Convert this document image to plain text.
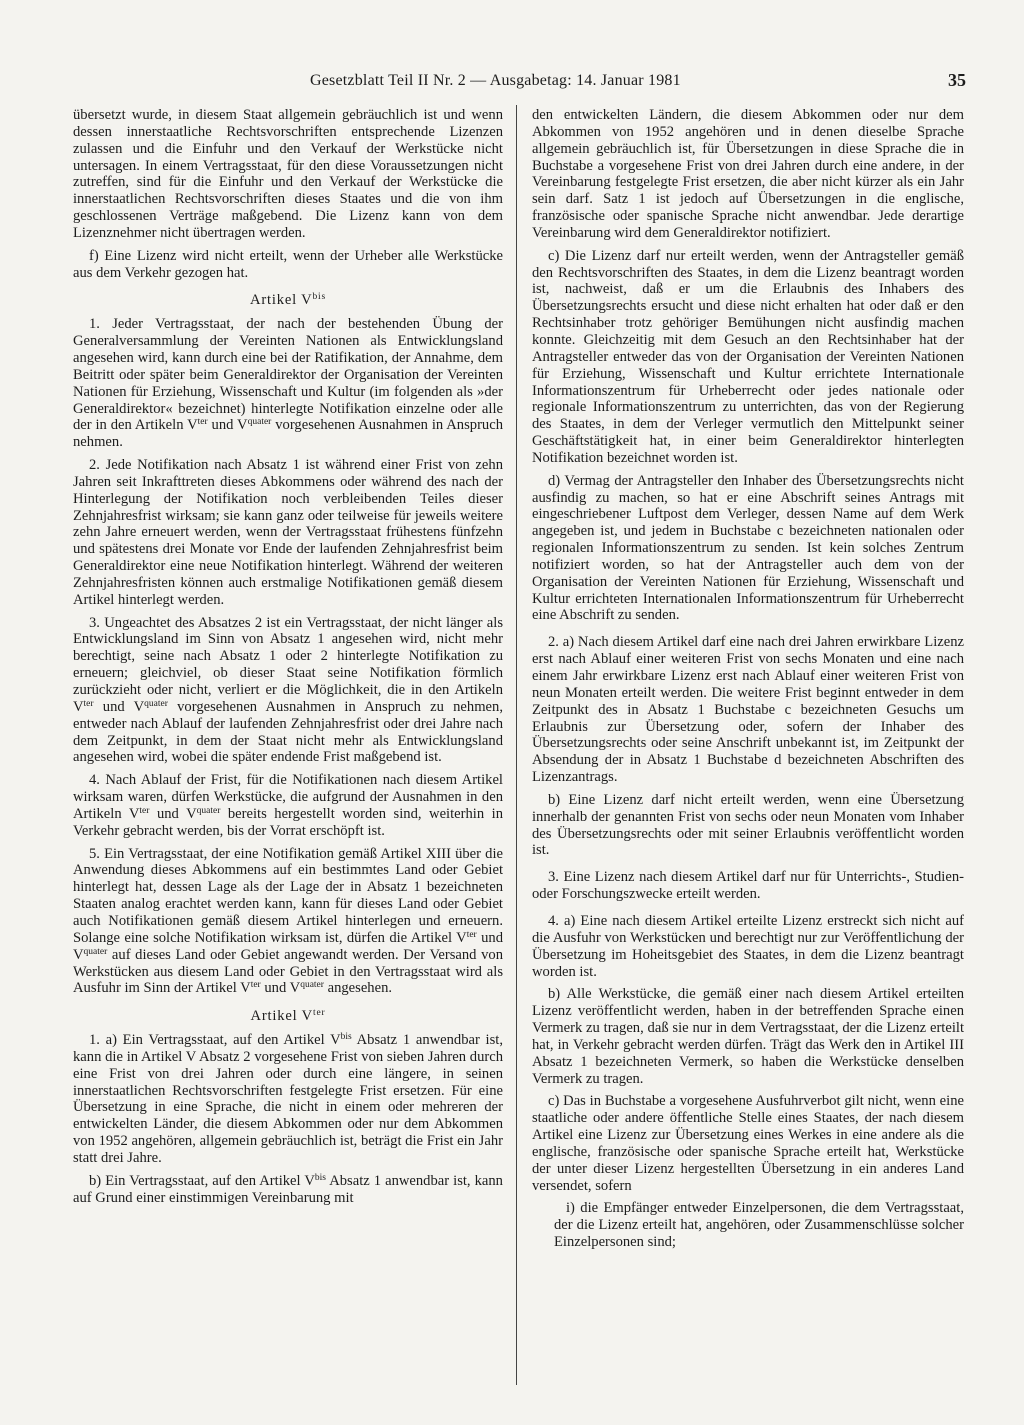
Gesetzblatt Teil II Nr. 2 — Ausgabetag: 14. Januar 1981	35

übersetzt wurde, in diesem Staat allgemein gebräuchlich ist und wenn dessen innerstaatliche Rechtsvorschriften entsprechende Lizenzen zulassen und die Einfuhr und den Verkauf der Werkstücke nicht untersagen. In einem Vertragsstaat, für den diese Voraussetzungen nicht zutreffen, sind für die Einfuhr und den Verkauf der Werkstücke die innerstaatlichen Rechtsvorschriften dieses Staates und die von ihm geschlossenen Verträge maßgebend. Die Lizenz kann von dem Lizenznehmer nicht übertragen werden.

f) Eine Lizenz wird nicht erteilt, wenn der Urheber alle Werkstücke aus dem Verkehr gezogen hat.

Artikel $V^{bis}$

1. Jeder Vertragsstaat, der nach der bestehenden Übung der Generalversammlung der Vereinten Nationen als Entwicklungsland angesehen wird, kann durch eine bei der Ratifikation, der Annahme, dem Beitritt oder später beim Generaldirektor der Organisation der Vereinten Nationen für Erziehung, Wissenschaft und Kultur (im folgenden als »der Generaldirektor« bezeichnet) hinterlegte Notifikation einzelne oder alle der in den Artikeln $V^{ter}$ und $V^{quater}$ vorgesehenen Ausnahmen in Anspruch nehmen.

2. Jede Notifikation nach Absatz 1 ist während einer Frist von zehn Jahren seit Inkrafttreten dieses Abkommens oder während des nach der Hinterlegung der Notifikation noch verbleibenden Teiles dieser Zehnjahresfrist wirksam; sie kann ganz oder teilweise für jeweils weitere zehn Jahre erneuert werden, wenn der Vertragsstaat frühestens fünfzehn und spätestens drei Monate vor Ende der laufenden Zehnjahresfrist beim Generaldirektor eine neue Notifikation hinterlegt. Während der weiteren Zehnjahresfristen können auch erstmalige Notifikationen gemäß diesem Artikel hinterlegt werden.

3. Ungeachtet des Absatzes 2 ist ein Vertragsstaat, der nicht länger als Entwicklungsland im Sinn von Absatz 1 angesehen wird, nicht mehr berechtigt, seine nach Absatz 1 oder 2 hinterlegte Notifikation zu erneuern; gleichviel, ob dieser Staat seine Notifikation förmlich zurückzieht oder nicht, verliert er die Möglichkeit, die in den Artikeln $V^{ter}$ und $V^{quater}$ vorgesehenen Ausnahmen in Anspruch zu nehmen, entweder nach Ablauf der laufenden Zehnjahresfrist oder drei Jahre nach dem Zeitpunkt, in dem der Staat nicht mehr als Entwicklungsland angesehen wird, wobei die später endende Frist maßgebend ist.

4. Nach Ablauf der Frist, für die Notifikationen nach diesem Artikel wirksam waren, dürfen Werkstücke, die aufgrund der Ausnahmen in den Artikeln $V^{ter}$ und $V^{quater}$ bereits hergestellt worden sind, weiterhin in Verkehr gebracht werden, bis der Vorrat erschöpft ist.

5. Ein Vertragsstaat, der eine Notifikation gemäß Artikel XIII über die Anwendung dieses Abkommens auf ein bestimmtes Land oder Gebiet hinterlegt hat, dessen Lage als der Lage der in Absatz 1 bezeichneten Staaten analog erachtet werden kann, kann für dieses Land oder Gebiet auch Notifikationen gemäß diesem Artikel hinterlegen und erneuern. Solange eine solche Notifikation wirksam ist, dürfen die Artikel $V^{ter}$ und $V^{quater}$ auf dieses Land oder Gebiet angewandt werden. Der Versand von Werkstücken aus diesem Land oder Gebiet in den Vertragsstaat wird als Ausfuhr im Sinn der Artikel $V^{ter}$ und $V^{quater}$ angesehen.

Artikel $V^{ter}$

1. a) Ein Vertragsstaat, auf den Artikel $V^{bis}$ Absatz 1 anwendbar ist, kann die in Artikel V Absatz 2 vorgesehene Frist von sieben Jahren durch eine Frist von drei Jahren oder durch eine längere, in seinen innerstaatlichen Rechtsvorschriften festgelegte Frist ersetzen. Für eine Übersetzung in eine Sprache, die nicht in einem oder mehreren der entwickelten Länder, die diesem Abkommen oder nur dem Abkommen von 1952 angehören, allgemein gebräuchlich ist, beträgt die Frist ein Jahr statt drei Jahre.

b) Ein Vertragsstaat, auf den Artikel $V^{bis}$ Absatz 1 anwendbar ist, kann auf Grund einer einstimmigen Vereinbarung mit

den entwickelten Ländern, die diesem Abkommen oder nur dem Abkommen von 1952 angehören und in denen dieselbe Sprache allgemein gebräuchlich ist, für Übersetzungen in diese Sprache die in Buchstabe a vorgesehene Frist von drei Jahren durch eine andere, in der Vereinbarung festgelegte Frist ersetzen, die aber nicht kürzer als ein Jahr sein darf. Satz 1 ist jedoch auf Übersetzungen in die englische, französische oder spanische Sprache nicht anwendbar. Jede derartige Vereinbarung wird dem Generaldirektor notifiziert.

c) Die Lizenz darf nur erteilt werden, wenn der Antragsteller gemäß den Rechtsvorschriften des Staates, in dem die Lizenz beantragt worden ist, nachweist, daß er um die Erlaubnis des Inhabers des Übersetzungsrechts ersucht und diese nicht erhalten hat oder daß er den Rechtsinhaber trotz gehöriger Bemühungen nicht ausfindig machen konnte. Gleichzeitig mit dem Gesuch an den Rechtsinhaber hat der Antragsteller entweder das von der Organisation der Vereinten Nationen für Erziehung, Wissenschaft und Kultur errichtete Internationale Informationszentrum für Urheberrecht oder jedes nationale oder regionale Informationszentrum zu unterrichten, das von der Regierung des Staates, in dem der Verleger vermutlich den Mittelpunkt seiner Geschäftstätigkeit hat, in einer beim Generaldirektor hinterlegten Notifikation bezeichnet worden ist.

d) Vermag der Antragsteller den Inhaber des Übersetzungsrechts nicht ausfindig zu machen, so hat er eine Abschrift seines Antrags mit eingeschriebener Luftpost dem Verleger, dessen Name auf dem Werk angegeben ist, und jedem in Buchstabe c bezeichneten nationalen oder regionalen Informationszentrum zu senden. Ist kein solches Zentrum notifiziert worden, so hat der Antragsteller auch dem von der Organisation der Vereinten Nationen für Erziehung, Wissenschaft und Kultur errichteten Internationalen Informationszentrum für Urheberrecht eine Abschrift zu senden.

2. a) Nach diesem Artikel darf eine nach drei Jahren erwirkbare Lizenz erst nach Ablauf einer weiteren Frist von sechs Monaten und eine nach einem Jahr erwirkbare Lizenz erst nach Ablauf einer weiteren Frist von neun Monaten erteilt werden. Die weitere Frist beginnt entweder in dem Zeitpunkt des in Absatz 1 Buchstabe c bezeichneten Gesuchs um Erlaubnis zur Übersetzung oder, sofern der Inhaber des Übersetzungsrechts oder seine Anschrift unbekannt ist, im Zeitpunkt der Absendung der in Absatz 1 Buchstabe d bezeichneten Abschriften des Lizenzantrags.

b) Eine Lizenz darf nicht erteilt werden, wenn eine Übersetzung innerhalb der genannten Frist von sechs oder neun Monaten vom Inhaber des Übersetzungsrechts oder mit seiner Erlaubnis veröffentlicht worden ist.

3. Eine Lizenz nach diesem Artikel darf nur für Unterrichts-, Studien- oder Forschungszwecke erteilt werden.

4. a) Eine nach diesem Artikel erteilte Lizenz erstreckt sich nicht auf die Ausfuhr von Werkstücken und berechtigt nur zur Veröffentlichung der Übersetzung im Hoheitsgebiet des Staates, in dem die Lizenz beantragt worden ist.

b) Alle Werkstücke, die gemäß einer nach diesem Artikel erteilten Lizenz veröffentlicht werden, haben in der betreffenden Sprache einen Vermerk zu tragen, daß sie nur in dem Vertragsstaat, der die Lizenz erteilt hat, in Verkehr gebracht werden dürfen. Trägt das Werk den in Artikel III Absatz 1 bezeichneten Vermerk, so haben die Werkstücke denselben Vermerk zu tragen.

c) Das in Buchstabe a vorgesehene Ausfuhrverbot gilt nicht, wenn eine staatliche oder andere öffentliche Stelle eines Staates, der nach diesem Artikel eine Lizenz zur Übersetzung eines Werkes in eine andere als die englische, französische oder spanische Sprache erteilt hat, Werkstücke der unter dieser Lizenz hergestellten Übersetzung in ein anderes Land versendet, sofern

i) die Empfänger entweder Einzelpersonen, die dem Vertragsstaat, der die Lizenz erteilt hat, angehören, oder Zusammenschlüsse solcher Einzelpersonen sind;
